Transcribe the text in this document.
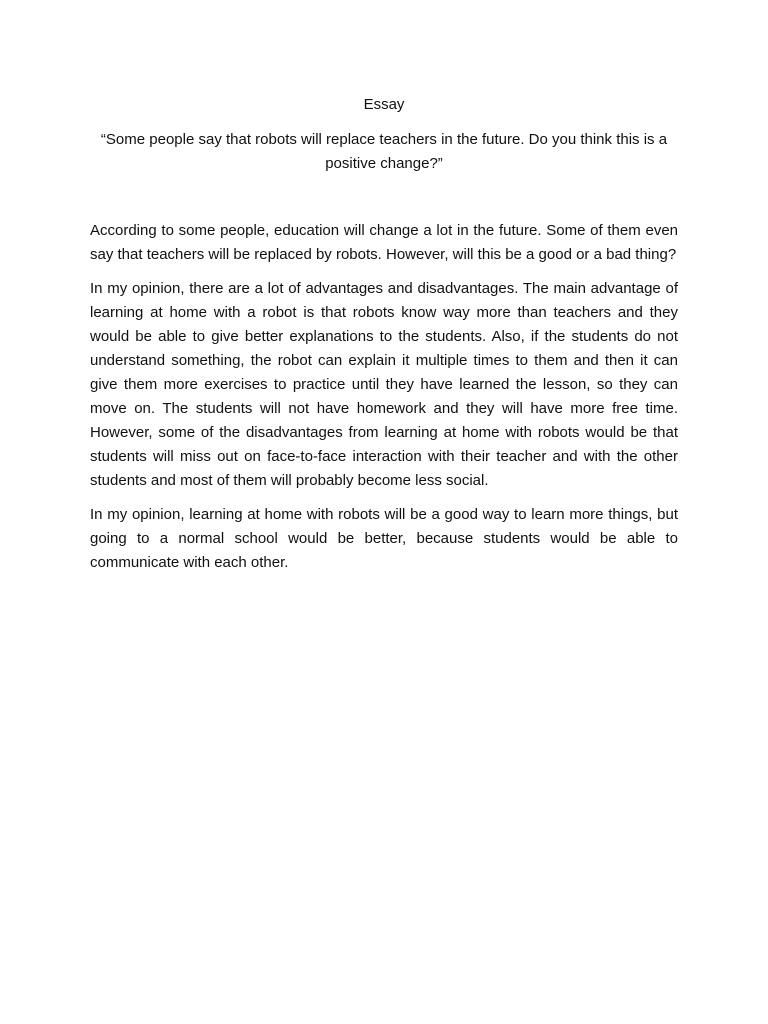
Essay
“Some people say that robots will replace teachers in the future. Do you think this is a positive change?”

According to some people, education will change a lot in the future. Some of them even say that teachers will be replaced by robots. However, will this be a good or a bad thing?

In my opinion, there are a lot of advantages and disadvantages. The main advantage of learning at home with a robot is that robots know way more than teachers and they would be able to give better explanations to the students. Also, if the students do not understand something, the robot can explain it multiple times to them and then it can give them more exercises to practice until they have learned the lesson, so they can move on. The students will not have homework and they will have more free time. However, some of the disadvantages from learning at home with robots would be that students will miss out on face-to-face interaction with their teacher and with the other students and most of them will probably become less social.

In my opinion, learning at home with robots will be a good way to learn more things, but going to a normal school would be better, because students would be able to communicate with each other.
